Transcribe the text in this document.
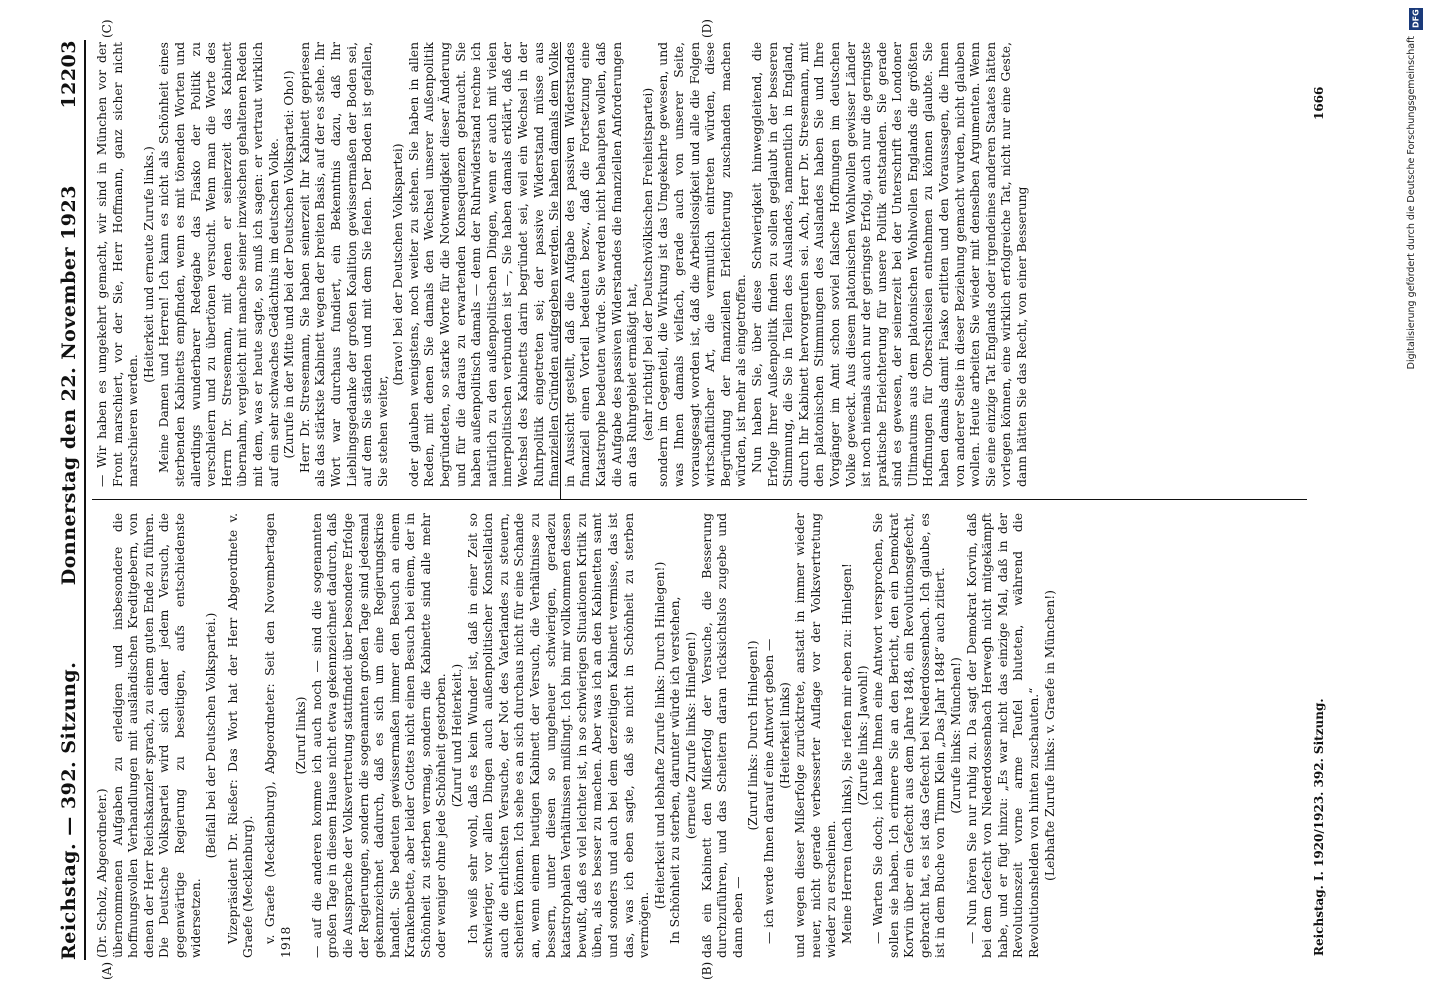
Reichstag. — 392. Sitzung.
Donnerstag den 22. November 1923
12203
(A)	(B)
(C)	(D)

(Dr. Scholz, Abgeordneter.) übernommenen Aufgaben zu erledigen und insbesondere die hoffnungsvollen Verhandlungen mit ausländischen Kreditgebern, von denen der Herr Reichskanzler sprach, zu einem guten Ende zu führen. Die Deutsche Volkspartei wird sich daher jedem Versuch, die gegenwärtige Regierung zu beseitigen, aufs entschiedenste widersetzen.

(Beifall bei der Deutschen Volkspartei.) Vizepräsident Dr. Rießer: Das Wort hat der Herr Abgeordnete v. Graefe (Mecklenburg). v. Graefe (Mecklenburg), Abgeordneter: Seit den Novembertagen 1918

(Zuruf links) — auf die anderen komme ich auch noch — sind die sogenannten großen Tage in diesem Hause nicht etwa gekennzeichnet dadurch, daß die Aussprache der Volksvertretung stattfindet über besondere Erfolge der Regierungen, sondern die sogenannten großen Tage sind jedesmal gekennzeichnet dadurch, daß es sich um eine Regierungskrise handelt. Sie bedeuten gewissermaßen immer den Besuch an einem Krankenbette, aber leider Gottes nicht einen Besuch bei einem, der in Schönheit zu sterben vermag, sondern die Kabinette sind alle mehr oder weniger ohne jede Schönheit gestorben. (Zuruf und Heiterkeit.) Ich weiß sehr wohl, daß es kein Wunder ist, daß in einer Zeit so schwieriger, vor allen Dingen auch außenpolitischer Konstellation auch die ehrlichsten Versuche, der Not des Vaterlandes zu steuern, scheitern können. Ich sehe es an sich durchaus nicht für eine Schande an, wenn einem heutigen Kabinett der Versuch, die Verhältnisse zu bessern, unter diesen so ungeheuer schwierigen, geradezu katastrophalen Verhältnissen mißlingt. Ich bin mir vollkommen dessen bewußt, daß es viel leichter ist, in so schwierigen Situationen Kritik zu üben, als es besser zu machen. Aber was ich an den Kabinetten samt und sonders und auch bei dem derzeitigen Kabinett vermisse, das ist das, was ich eben sagte, daß sie nicht in Schönheit zu sterben vermögen.

(Heiterkeit und lebhafte Zurufe links: Durch Hinlegen!) In Schönheit zu sterben, darunter würde ich verstehen, (erneute Zurufe links: Hinlegen!) daß ein Kabinett den Mißerfolg der Versuche, die Besserung durchzuführen, und das Scheitern daran rücksichtslos zugebe und dann eben —

(Zuruf links: Durch Hinlegen!) — ich werde Ihnen darauf eine Antwort geben — (Heiterkeit links) und wegen dieser Mißerfolge zurücktrete, anstatt in immer wieder neuer, nicht gerade verbesserter Auflage vor der Volksvertretung wieder zu erscheinen. Meine Herren (nach links), Sie riefen mir eben zu: Hinlegen! (Zurufe links: Jawohl!) — Warten Sie doch; ich habe Ihnen eine Antwort versprochen, Sie sollen sie haben. Ich erinnere Sie an den Bericht, den ein Demokrat Korvin über ein Gefecht aus dem Jahre 1848, ein Revolutionsgefecht, gebracht hat, es ist das Gefecht bei Niederdossenbach. Ich glaube, es ist in dem Buche von Timm Klein „Das Jahr 1848“ auch zitiert. (Zurufe links: München!) — Nun hören Sie nur ruhig zu. Da sagt der Demokrat Korvin, daß bei dem Gefecht von Niederdossenbach Herwegh nicht mitgekämpft habe, und er fügt hinzu: „Es war nicht das einzige Mal, daß in der Revolutionszeit vorne arme Teufel bluteten, während die Revolutionshelden von hinten zuschauten.“ (Lebhafte Zurufe links: v. Graefe in München!)

— Wir haben es umgekehrt gemacht, wir sind in München vor der Front marschiert, vor der Sie, Herr Hoffmann, ganz sicher nicht marschieren werden.

(Heiterkeit und erneute Zurufe links.) Meine Damen und Herren! Ich kann es nicht als Schönheit eines sterbenden Kabinetts empfinden, wenn es mit tönenden Worten und allerdings wunderbarer Redegabe das Fiasko der Politik zu verschleiern und zu übertönen versucht. Wenn man die Worte des Herrn Dr. Stresemann, mit denen er seinerzeit das Kabinett übernahm, vergleicht mit manche seiner inzwischen gehaltenen Reden mit dem, was er heute sagte, so muß ich sagen: er vertraut wirklich auf ein sehr schwaches Gedächtnis im deutschen Volke. (Zurufe in der Mitte und bei der Deutschen Volkspartei: Oho!) Herr Dr. Stresemann, Sie haben seinerzeit Ihr Kabinett gepriesen als das stärkste Kabinett wegen der breiten Basis, auf der es stehe. Ihr Wort war durchaus fundiert, ein Bekenntnis dazu, daß Ihr Lieblingsgedanke der großen Koalition gewissermaßen der Boden sei, auf dem Sie ständen und mit dem Sie fielen. Der Boden ist gefallen, Sie stehen weiter,

(bravo! bei der Deutschen Volkspartei) oder glauben wenigstens, noch weiter zu stehen. Sie haben in allen Reden, mit denen Sie damals den Wechsel unserer Außenpolitik begründeten, so starke Worte für die Notwendigkeit dieser Änderung und für die daraus zu erwartenden Konsequenzen gebraucht. Sie haben außenpolitisch damals — denn der Ruhrwiderstand rechne ich natürlich zu den außenpolitischen Dingen, wenn er auch mit vielen innerpolitischen verbunden ist —, Sie haben damals erklärt, daß der Wechsel des Kabinetts darin begründet sei, weil ein Wechsel in der Ruhrpolitik eingetreten sei; der passive Widerstand müsse aus finanziellen Gründen aufgegeben werden. Sie haben damals dem Volke in Aussicht gestellt, daß die Aufgabe des passiven Widerstandes finanziell einen Vorteil bedeuten bezw., daß die Fortsetzung eine Katastrophe bedeuten würde. Sie werden nicht behaupten wollen, daß die Aufgabe des passiven Widerstandes die finanziellen Anforderungen an das Ruhrgebiet ermäßigt hat, (sehr richtig! bei der Deutschvölkischen Freiheitspartei) sondern im Gegenteil, die Wirkung ist das Umgekehrte gewesen, und was Ihnen damals vielfach, gerade auch von unserer Seite, vorausgesagt worden ist, daß die Arbeitslosigkeit und alle die Folgen wirtschaftlicher Art, die vermutlich eintreten würden, diese Begründung der finanziellen Erleichterung zuschanden machen würden, ist mehr als eingetroffen. Nun haben Sie, über diese Schwierigkeit hinweggleitend, die Erfolge Ihrer Außenpolitik finden zu sollen geglaubt in der besseren Stimmung, die Sie in Teilen des Auslandes, namentlich in England, durch Ihr Kabinett hervorgerufen sei. Ach, Herr Dr. Stresemann, mit den platonischen Stimmungen des Auslandes haben Sie und Ihre Vorgänger im Amt schon soviel falsche Hoffnungen im deutschen Volke geweckt. Aus diesem platonischen Wohlwollen gewisser Länder ist noch niemals auch nur der geringste Erfolg, auch nur die geringste praktische Erleichterung für unsere Politik entstanden. Sie gerade sind es gewesen, der seinerzeit bei der Unterschrift des Londoner Ultimatums aus dem platonischen Wohlwollen Englands die größten Hoffnungen für Oberschlesien entnehmen zu können glaubte. Sie haben damals damit Fiasko erlitten und den Voraussagen, die Ihnen von anderer Seite in dieser Beziehung gemacht wurden, nicht glauben wollen. Heute arbeiten Sie wieder mit denselben Argumenten. Wenn Sie eine einzige Tat Englands oder irgendeines anderen Staates hätten vorlegen können, eine wirklich erfolgreiche Tat, nicht nur eine Geste, dann hätten Sie das Recht, von einer Besserung

Reichstag. I. 1920/1923. 392. Sitzung.
1666
DFG
Digitalisierung gefördert durch die Deutsche Forschungsgemeinschaft
